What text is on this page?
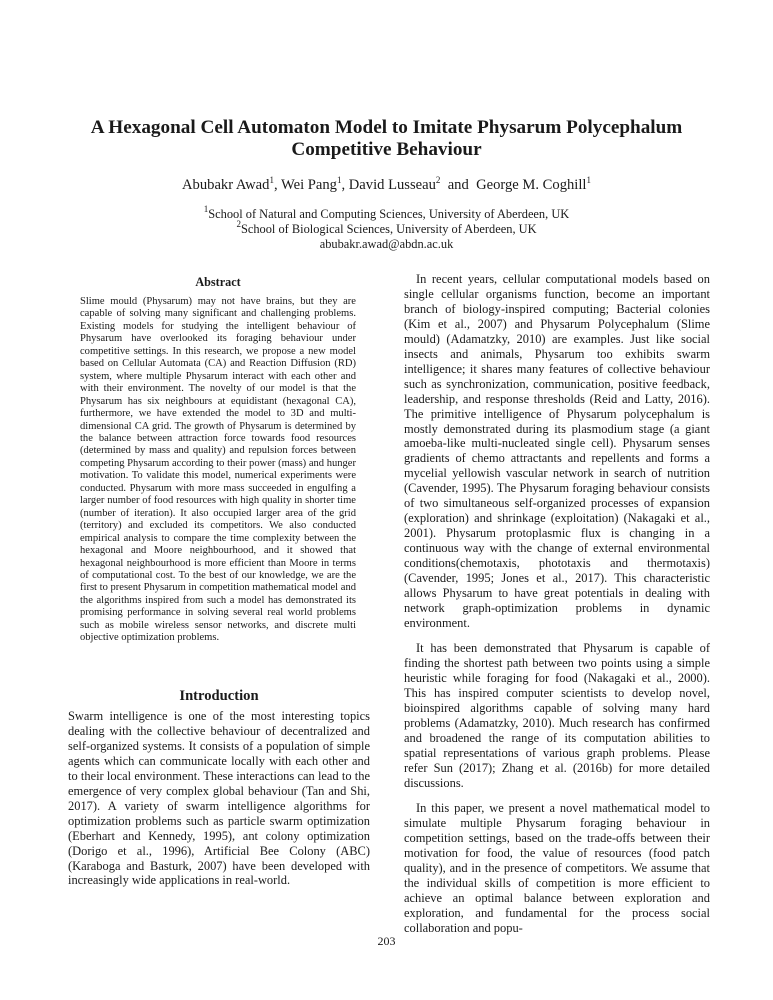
A Hexagonal Cell Automaton Model to Imitate Physarum Polycephalum Competitive Behaviour
Abubakr Awad$^1$, Wei Pang$^1$, David Lusseau$^2$  and  George M. Coghill$^1$
$^1$School of Natural and Computing Sciences, University of Aberdeen, UK
$^2$School of Biological Sciences, University of Aberdeen, UK
abubakr.awad@abdn.ac.uk
Abstract
Slime mould (Physarum) may not have brains, but they are capable of solving many significant and challenging problems. Existing models for studying the intelligent behaviour of Physarum have overlooked its foraging behaviour under competitive settings. In this research, we propose a new model based on Cellular Automata (CA) and Reaction Diffusion (RD) system, where multiple Physarum interact with each other and with their environment. The novelty of our model is that the Physarum has six neighbours at equidistant (hexagonal CA), furthermore, we have extended the model to 3D and multi-dimensional CA grid. The growth of Physarum is determined by the balance between attraction force towards food resources (determined by mass and quality) and repulsion forces between competing Physarum according to their power (mass) and hunger motivation. To validate this model, numerical experiments were conducted. Physarum with more mass succeeded in engulfing a larger number of food resources with high quality in shorter time (number of iteration). It also occupied larger area of the grid (territory) and excluded its competitors. We also conducted empirical analysis to compare the time complexity between the hexagonal and Moore neighbourhood, and it showed that hexagonal neighbourhood is more efficient than Moore in terms of computational cost. To the best of our knowledge, we are the first to present Physarum in competition mathematical model and the algorithms inspired from such a model has demonstrated its promising performance in solving several real world problems such as mobile wireless sensor networks, and discrete multi objective optimization problems.
Introduction
Swarm intelligence is one of the most interesting topics dealing with the collective behaviour of decentralized and self-organized systems. It consists of a population of simple agents which can communicate locally with each other and to their local environment. These interactions can lead to the emergence of very complex global behaviour (Tan and Shi, 2017). A variety of swarm intelligence algorithms for optimization problems such as particle swarm optimization (Eberhart and Kennedy, 1995), ant colony optimization (Dorigo et al., 1996), Artificial Bee Colony (ABC) (Karaboga and Basturk, 2007) have been developed with increasingly wide applications in real-world.

In recent years, cellular computational models based on single cellular organisms function, become an important branch of biology-inspired computing; Bacterial colonies (Kim et al., 2007) and Physarum Polycephalum (Slime mould) (Adamatzky, 2010) are examples. Just like social insects and animals, Physarum too exhibits swarm intelligence; it shares many features of collective behaviour such as synchronization, communication, positive feedback, leadership, and response thresholds (Reid and Latty, 2016). The primitive intelligence of Physarum polycephalum is mostly demonstrated during its plasmodium stage (a giant amoeba-like multi-nucleated single cell). Physarum senses gradients of chemo attractants and repellents and forms a mycelial yellowish vascular network in search of nutrition (Cavender, 1995). The Physarum foraging behaviour consists of two simultaneous self-organized processes of expansion (exploration) and shrinkage (exploitation) (Nakagaki et al., 2001). Physarum protoplasmic flux is changing in a continuous way with the change of external environmental conditions(chemotaxis, phototaxis and thermotaxis) (Cavender, 1995; Jones et al., 2017). This characteristic allows Physarum to have great potentials in dealing with network graph-optimization problems in dynamic environment.

It has been demonstrated that Physarum is capable of finding the shortest path between two points using a simple heuristic while foraging for food (Nakagaki et al., 2000). This has inspired computer scientists to develop novel, bioinspired algorithms capable of solving many hard problems (Adamatzky, 2010). Much research has confirmed and broadened the range of its computation abilities to spatial representations of various graph problems. Please refer Sun (2017); Zhang et al. (2016b) for more detailed discussions.

In this paper, we present a novel mathematical model to simulate multiple Physarum foraging behaviour in competition settings, based on the trade-offs between their motivation for food, the value of resources (food patch quality), and in the presence of competitors. We assume that the individual skills of competition is more efficient to achieve an optimal balance between exploration and exploration, and fundamental for the process social collaboration and popu-

203
